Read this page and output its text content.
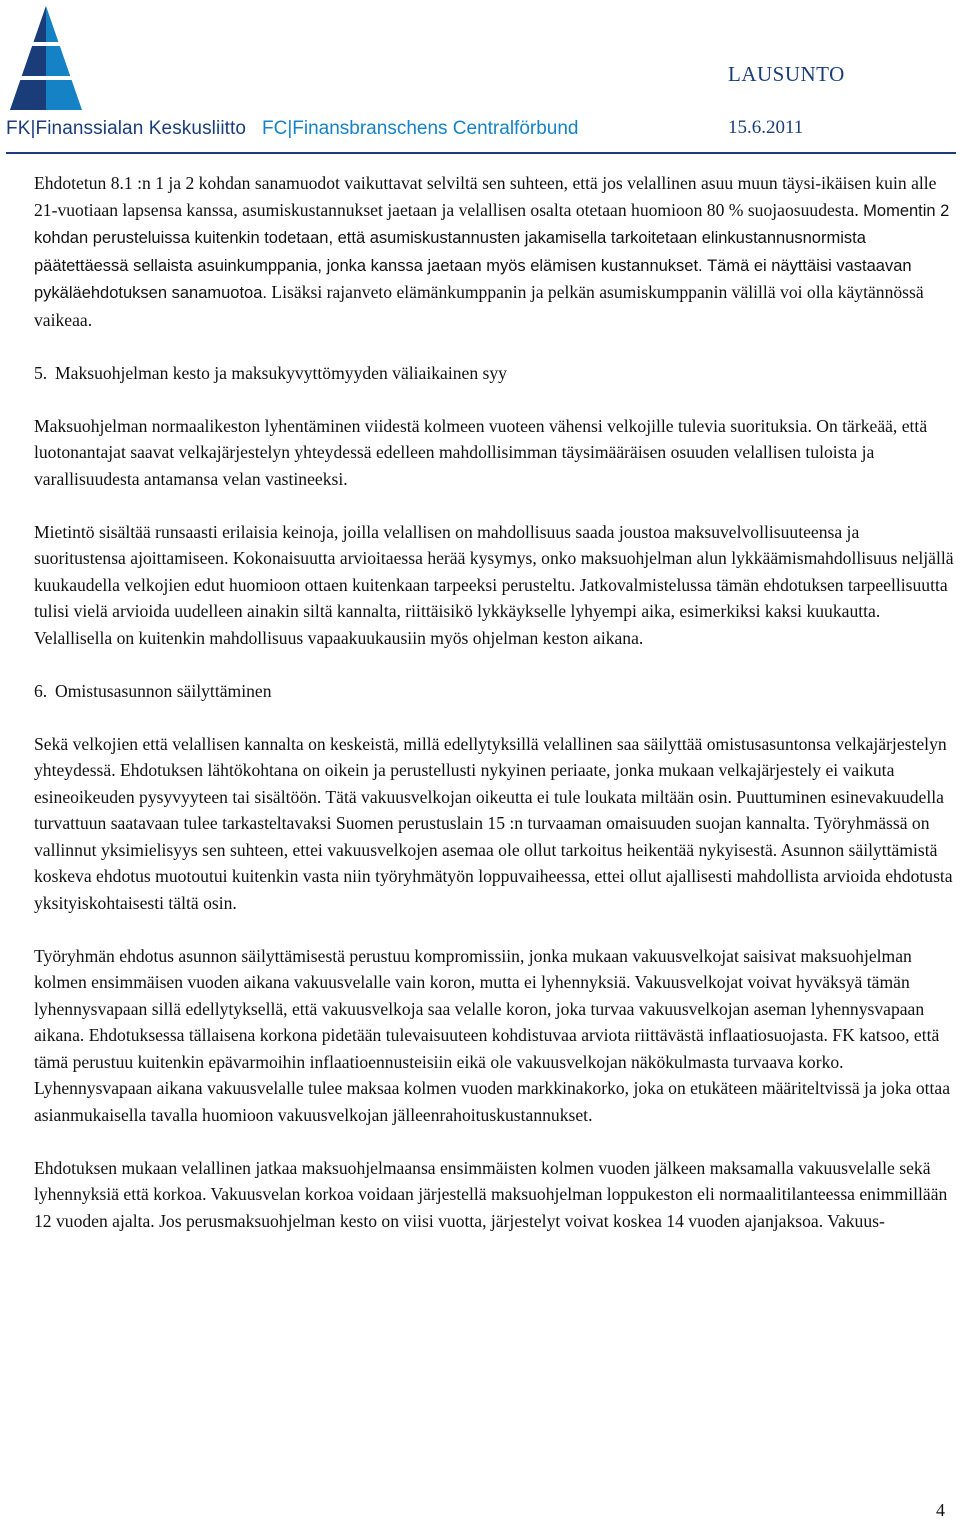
FK|Finanssialan Keskusliitto FC|Finansbranschens Centralförbund
LAUSUNTO
15.6.2011

Ehdotetun 8.1 :n 1 ja 2 kohdan sanamuodot vaikuttavat selviltä sen suhteen, että jos velallinen asuu muun täysi-ikäisen kuin alle 21-vuotiaan lapsensa kanssa, asumiskustannukset jaetaan ja velallisen osalta otetaan huomioon 80 % suojaosuudesta. Momentin 2 kohdan perusteluissa kuitenkin todetaan, että asumiskustannusten jakamisella tarkoitetaan elinkustannusnormista päätettäessä sellaista asuinkumppania, jonka kanssa jaetaan myös elämisen kustannukset. Tämä ei näyttäisi vastaavan pykäläehdotuksen sanamuotoa. Lisäksi rajanveto elämänkumppanin ja pelkän asumiskumppanin välillä voi olla käytännössä vaikeaa.

5. Maksuohjelman kesto ja maksukyvyttömyyden väliaikainen syy

Maksuohjelman normaalikeston lyhentäminen viidestä kolmeen vuoteen vähensi velkojille tulevia suorituksia. On tärkeää, että luotonantajat saavat velkajärjestelyn yhteydessä edelleen mahdollisimman täysimääräisen osuuden velallisen tuloista ja varallisuudesta antamansa velan vastineeksi.

Mietintö sisältää runsaasti erilaisia keinoja, joilla velallisen on mahdollisuus saada joustoa maksuvelvollisuuteensa ja suoritustensa ajoittamiseen. Kokonaisuutta arvioitaessa herää kysymys, onko maksuohjelman alun lykkäämismahdollisuus neljällä kuukaudella velkojien edut huomioon ottaen kuitenkaan tarpeeksi perusteltu. Jatkovalmistelussa tämän ehdotuksen tarpeellisuutta tulisi vielä arvioida uudelleen ainakin siltä kannalta, riittäisikö lykkäykselle lyhyempi aika, esimerkiksi kaksi kuukautta. Velallisella on kuitenkin mahdollisuus vapaakuukausiin myös ohjelman keston aikana.

6. Omistusasunnon säilyttäminen

Sekä velkojien että velallisen kannalta on keskeistä, millä edellytyksillä velallinen saa säilyttää omistusasuntonsa velkajärjestelyn yhteydessä. Ehdotuksen lähtökohtana on oikein ja perustellusti nykyinen periaate, jonka mukaan velkajärjestely ei vaikuta esineoikeuden pysyvyyteen tai sisältöön. Tätä vakuusvelkojan oikeutta ei tule loukata miltään osin. Puuttuminen esinevakuudella turvattuun saatavaan tulee tarkasteltavaksi Suomen perustuslain 15 :n turvaaman omaisuuden suojan kannalta. Työryhmässä on vallinnut yksimielisyys sen suhteen, ettei vakuusvelkojen asemaa ole ollut tarkoitus heikentää nykyisestä. Asunnon säilyttämistä koskeva ehdotus muotoutui kuitenkin vasta niin työryhmätyön loppuvaiheessa, ettei ollut ajallisesti mahdollista arvioida ehdotusta yksityiskohtaisesti tältä osin.

Työryhmän ehdotus asunnon säilyttämisestä perustuu kompromissiin, jonka mukaan vakuusvelkojat saisivat maksuohjelman kolmen ensimmäisen vuoden aikana vakuusvelalle vain koron, mutta ei lyhennyksiä. Vakuusvelkojat voivat hyväksyä tämän lyhennysvapaan sillä edellytyksellä, että vakuusvelkoja saa velalle koron, joka turvaa vakuusvelkojan aseman lyhennysvapaan aikana. Ehdotuksessa tällaisena korkona pidetään tulevaisuuteen kohdistuvaa arviota riittävästä inflaatiosuojasta. FK katsoo, että tämä perustuu kuitenkin epävarmoihin inflaatioennusteisiin eikä ole vakuusvelkojan näkökulmasta turvaava korko. Lyhennysvapaan aikana vakuusvelalle tulee maksaa kolmen vuoden markkinakorko, joka on etukäteen määriteltvissä ja joka ottaa asianmukaisella tavalla huomioon vakuusvelkojan jälleenrahoituskustannukset.

Ehdotuksen mukaan velallinen jatkaa maksuohjelmaansa ensimmäisten kolmen vuoden jälkeen maksamalla vakuusvelalle sekä lyhennyksiä että korkoa. Vakuusvelan korkoa voidaan järjestellä maksuohjelman loppukeston eli normaalitilanteessa enimmillään 12 vuoden ajalta. Jos perusmaksuohjelman kesto on viisi vuotta, järjestelyt voivat koskea 14 vuoden ajanjaksoa. Vakuus-

4
